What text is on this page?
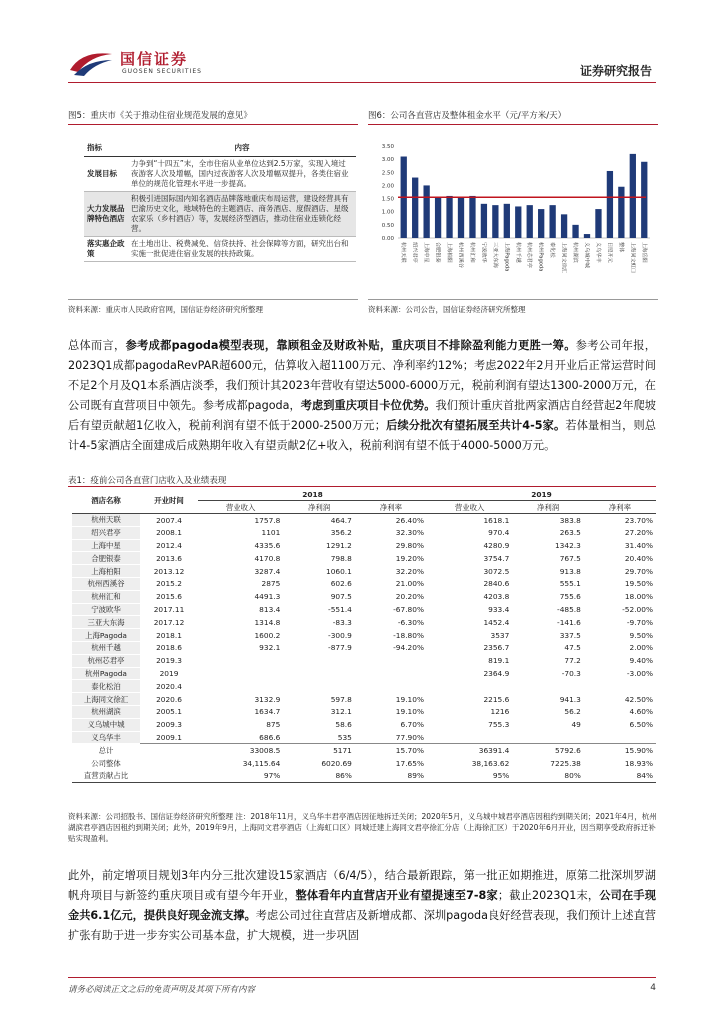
国信证券
GUOSEN SECURITIES	证券研究报告
图5：重庆市《关于推动住宿业规范发展的意见》
指标	内容
发展目标	力争到“十四五”末，全市住宿从业单位达到2.5万家，实现入境过夜游客人次及增幅，国内过夜游客人次及增幅双提升，各类住宿业单位的规范化管理水平进一步提高。
大力发展品牌特色酒店	积极引进国际国内知名酒店品牌落地重庆布局运营，建设经营具有巴渝历史文化，地域特色的主题酒店、商务酒店、度假酒店、星级农家乐（乡村酒店）等，发展经济型酒店，推动住宿业连锁化经营。
落实惠企政策	在土地出让、税费减免、信贷扶持、社会保障等方面，研究出台和实施一批促进住宿业发展的扶持政策。
资料来源：重庆市人民政府官网，国信证券经济研究所整理
图6：公司各直营店及整体租金水平（元/平方米/天）
0.00
0.50
1.00
1.50
2.00
2.50
3.00
3.50
杭州天联	绍兴君亭	上海中星	合肥银泰	上海柏阳	杭州西溪谷	杭州汇和	宁波欧华	三亚大东海	上海Pagoda	杭州千越	杭州芯君亭	杭州Pagoda	泰化松	上海同文徐汇	杭州湖滨	义乌城中城	义乌华丰	日照开元	整体	上海同文虹口	上海岳阳
资料来源：公司公告，国信证券经济研究所整理
总体而言，参考成都pagoda模型表现，靠顾租金及财政补贴，重庆项目不排除盈利能力更胜一筹。参考公司年报，2023Q1成都pagodaRevPAR超600元，估算收入超1100万元、净利率约12%；考虑2022年2月开业后正常运营时间不足2个月及Q1本系酒店淡季，我们预计其2023年营收有望达5000-6000万元，税前利润有望达1300-2000万元，在公司既有直营项目中领先。参考成都pagoda，考虑到重庆项目卡位优势。我们预计重庆首批两家酒店自经营起2年爬坡后有望贡献超1亿收入，税前利润有望不低于2000-2500万元；后续分批次有望拓展至共计4-5家。若体量相当，则总计4-5家酒店全面建成后成熟期年收入有望贡献2亿+收入，税前利润有望不低于4000-5000万元。
表1：疫前公司各直营门店收入及业绩表现
酒店名称	开业时间	2018			2019		
		营业收入	净利润	净利率	营业收入	净利润	净利率
杭州天联	2007.4	1757.8	464.7	26.40%	1618.1	383.8	23.70%
绍兴君亭	2008.1	1101	356.2	32.30%	970.4	263.5	27.20%
上海中星	2012.4	4335.6	1291.2	29.80%	4280.9	1342.3	31.40%
合肥银泰	2013.6	4170.8	798.8	19.20%	3754.7	767.5	20.40%
上海柏阳	2013.12	3287.4	1060.1	32.20%	3072.5	913.8	29.70%
杭州西溪谷	2015.2	2875	602.6	21.00%	2840.6	555.1	19.50%
杭州汇和	2015.6	4491.3	907.5	20.20%	4203.8	755.6	18.00%
宁波欧华	2017.11	813.4	-551.4	-67.80%	933.4	-485.8	-52.00%
三亚大东海	2017.12	1314.8	-83.3	-6.30%	1452.4	-141.6	-9.70%
上海Pagoda	2018.1	1600.2	-300.9	-18.80%	3537	337.5	9.50%
杭州千越	2018.6	932.1	-877.9	-94.20%	2356.7	47.5	2.00%
杭州芯君亭	2019.3				819.1	77.2	9.40%
杭州Pagoda	2019				2364.9	-70.3	-3.00%
泰化松泊	2020.4						
上海同文徐汇	2020.6	3132.9	597.8	19.10%	2215.6	941.3	42.50%
杭州湖滨	2005.1	1634.7	312.1	19.10%	1216	56.2	4.60%
义乌城中城	2009.3	875	58.6	6.70%	755.3	49	6.50%
义乌华丰	2009.1	686.6	535	77.90%			
总计		33008.5	5171	15.70%	36391.4	5792.6	15.90%
公司整体		34,115.64	6020.69	17.65%	38,163.62	7225.38	18.93%
直营贡献占比		97%	86%	89%	95%	80%	84%
资料来源：公司招股书、国信证券经济研究所整理 注：2018年11月，义乌华丰君亭酒店因征地拆迁关闭；2020年5月，义乌城中城君亭酒店因租约到期关闭；2021年4月，杭州湖滨君亭酒店因租约到期关闭；此外，2019年9月，上海同文君亭酒店（上海虹口区）同城迁建上海同文君亭徐汇分店（上海徐汇区）于2020年6月开业，因当期享受政府拆迁补贴实现盈利。
此外，前定增项目规划3年内分三批次建设15家酒店（6/4/5），结合最新跟踪，第一批正如期推进，原第二批深圳罗湖帆舟项目与新签约重庆项目或有望今年开业，整体看年内直营店开业有望提速至7-8家；截止2023Q1末，公司在手现金共6.1亿元，提供良好现金流支撑。考虑公司过往直营店及新增成都、深圳pagoda良好经营表现，我们预计上述直营扩张有助于进一步夯实公司基本盘，扩大规模，进一步巩固
请务必阅读正文之后的免责声明及其项下所有内容	4
